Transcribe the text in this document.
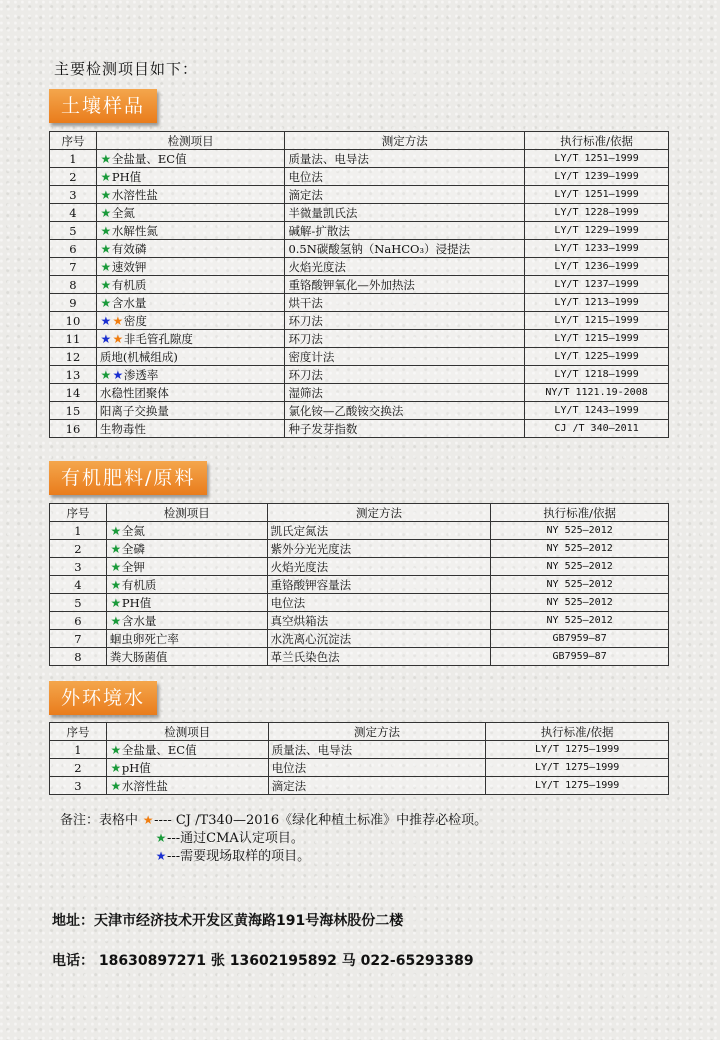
主要检测项目如下：
土壤样品
序号	检测项目	测定方法	执行标准/依据
1	★全盐量、EC值	质量法、电导法	LY/T 1251—1999
2	★PH值	电位法	LY/T 1239—1999
3	★水溶性盐	滴定法	LY/T 1251—1999
4	★全氮	半微量凯氏法	LY/T 1228—1999
5	★水解性氮	碱解-扩散法	LY/T 1229—1999
6	★有效磷	0.5N碳酸氢钠（NaHCO₃）浸提法	LY/T 1233—1999
7	★速效钾	火焰光度法	LY/T 1236—1999
8	★有机质	重铬酸钾氧化—外加热法	LY/T 1237—1999
9	★含水量	烘干法	LY/T 1213—1999
10	★★密度	环刀法	LY/T 1215—1999
11	★★非毛管孔隙度	环刀法	LY/T 1215—1999
12	质地(机械组成)	密度计法	LY/T 1225—1999
13	★★渗透率	环刀法	LY/T 1218—1999
14	水稳性团聚体	湿筛法	NY/T 1121.19-2008
15	阳离子交换量	氯化铵—乙酸铵交换法	LY/T 1243—1999
16	生物毒性	种子发芽指数	CJ /T 340—2011
有机肥料/原料
序号	检测项目	测定方法	执行标准/依据
1	★全氮	凯氏定氮法	NY 525—2012
2	★全磷	紫外分光光度法	NY 525—2012
3	★全钾	火焰光度法	NY 525—2012
4	★有机质	重铬酸钾容量法	NY 525—2012
5	★PH值	电位法	NY 525—2012
6	★含水量	真空烘箱法	NY 525—2012
7	蛔虫卵死亡率	水洗离心沉淀法	GB7959—87
8	粪大肠菌值	革兰氏染色法	GB7959—87
外环境水
序号	检测项目	测定方法	执行标准/依据
1	★全盐量、EC值	质量法、电导法	LY/T 1275—1999
2	★pH值	电位法	LY/T 1275—1999
3	★水溶性盐	滴定法	LY/T 1275—1999
备注：表格中 ★---- CJ /T340—2016《绿化种植土标准》中推荐必检项。
★---通过CMA认定项目。
★---需要现场取样的项目。
地址：天津市经济技术开发区黄海路191号海林股份二楼
电话： 18630897271 张 13602195892 马 022-65293389
